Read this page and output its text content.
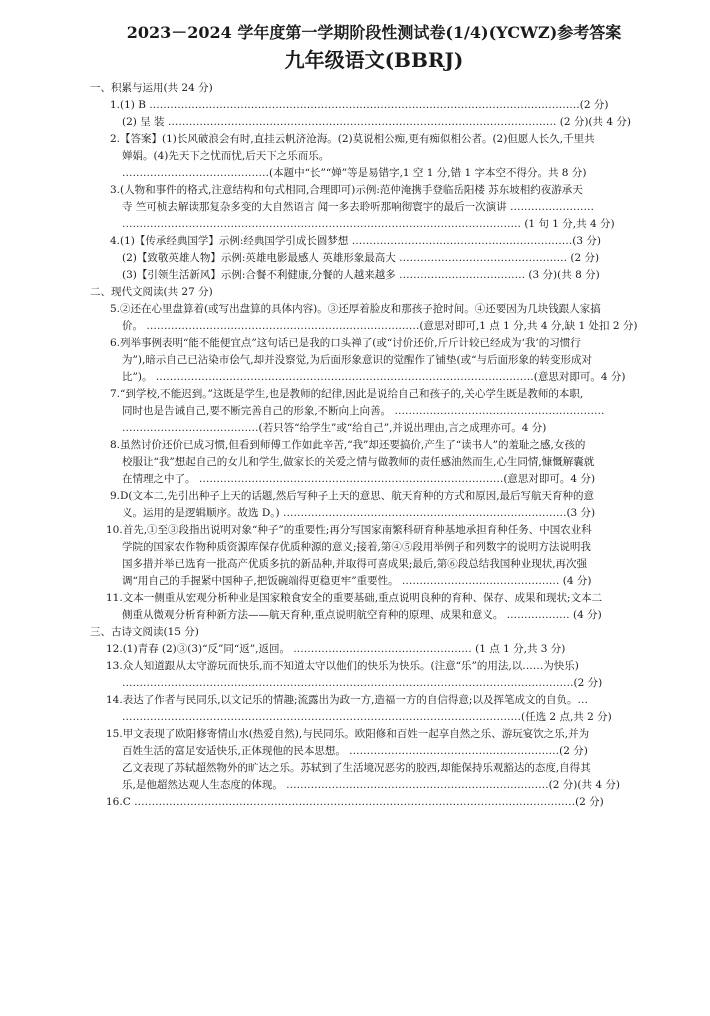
2023－2024 学年度第一学期阶段性测试卷(1/4)(YCWZ)参考答案
九年级语文(BBRJ)
一、积累与运用(共 24 分)
1.(1) B ……………………………………………………………………………………………………………(2 分)
(2) 呈 装 ………………………………………………………………………………………………… (2 分)(共 4 分)
2.【答案】(1)长风破浪会有时,直挂云帆济沧海。(2)莫说相公痴,更有痴似相公者。(2)但愿人长久,千里共
婵娟。(4)先天下之忧而忧,后天下之乐而乐。
……………………………………(本题中“长”“婵”等是易错字,1 空 1 分,错 1 字本空不得分。共 8 分)
3.(人物和事件的格式,注意结构和句式相同,合理即可)示例:范仲淹携手登临岳阳楼 苏东坡相约夜游承天
寺 竺可桢去解读那复杂多变的大自然语言 闻一多去聆听那响彻寰宇的最后一次演讲 ……………………
…………………………………………………………………………………………………… (1 句 1 分,共 4 分)
4.(1)【传承经典国学】示例:经典国学引成长圆梦想 ………………………………………………………(3 分)
(2)【致敬英雄人物】示例:英雄电影最感人 英雄形象最高大 ………………………………………… (2 分)
(3)【引领生活新风】示例:合餐不利健康,分餐的人越来越多 ……………………………… (3 分)(共 8 分)
二、现代文阅读(共 27 分)
5.②还在心里盘算着(或写出盘算的具体内容)。③还厚着脸皮和那孩子抢时间。④还要因为几块钱跟人家搞
价。 ……………………………………………………………………(意思对即可,1 点 1 分,共 4 分,缺 1 处扣 2 分)
6.列举事例表明“能不能便宜点”这句话已是我的口头禅了(或“讨价还价,斤斤计较已经成为‘我’的习惯行
为”),暗示自己已沾染市侩气,却并没察觉,为后面形象意识的觉醒作了铺垫(或“与后面形象的转变形成对
比”)。 ………………………………………………………………………………………………(意思对即可。4 分)
7.“到学校,不能迟到。”这既是学生,也是教师的纪律,因此是说给自己和孩子的,关心学生既是教师的本职,
同时也是告诫自己,要不断完善自己的形象,不断向上向善。 ……………………………………………………
…………………………………(若只答“给学生”或“给自己”,并说出理由,言之成理亦可。4 分)
8.虽然讨价还价已成习惯,但看到师傅工作如此辛苦,“我”却还要搞价,产生了“读书人”的羞耻之感,女孩的
校服让“我”想起自己的女儿和学生,做家长的关爱之情与做教师的责任感油然而生,心生同情,慷慨解囊就
在情理之中了。 ……………………………………………………………………………(意思对即可。4 分)
9.D(文本二,先引出种子上天的话题,然后写种子上天的意思、航天育种的方式和原因,最后写航天育种的意
义。运用的是逻辑顺序。故选 D。) ………………………………………………………………………(3 分)
10.首先,①至③段指出说明对象“种子”的重要性;再分写国家南繁科研育种基地承担育种任务、中国农业科
学院的国家农作物种质资源库保存优质种源的意义;接着,第④⑤段用举例子和列数字的说明方法说明我
国多措并举已选育一批高产优质多抗的新品种,并取得可喜成果;最后,第⑥段总结我国种业现状,再次强
调“用自己的手握紧中国种子,把饭碗端得更稳更牢”重要性。 ……………………………………… (4 分)
11.文本一侧重从宏观分析种业是国家粮食安全的重要基础,重点说明良种的育种、保存、成果和现状;文本二
侧重从微观分析育种新方法——航天育种,重点说明航空育种的原理、成果和意义。 ……………… (4 分)
三、古诗文阅读(15 分)
12.(1)青春 (2)③(3)“反”同“返”,返回。 …………………………………………… (1 点 1 分,共 3 分)
13.众人知道跟从太守游玩而快乐,而不知道太守以他们的快乐为快乐。(注意“乐”的用法,以……为快乐)
…………………………………………………………………………………………………………………(2 分)
14.表达了作者与民同乐,以文记乐的情趣;流露出为政一方,造福一方的自信得意;以及挥笔成文的自负。…
……………………………………………………………………………………………………(任选 2 点,共 2 分)
15.甲文表现了欧阳修寄情山水(热爱自然),与民同乐。欧阳修和百姓一起享自然之乐、游玩宴饮之乐,并为
百姓生活的富足安适快乐,正体现他的民本思想。 ……………………………………………………(2 分)
乙文表现了苏轼超然物外的旷达之乐。苏轼到了生活境况恶劣的胶西,却能保持乐观豁达的态度,自得其
乐,是他超然达观人生态度的体现。 …………………………………………………………………(2 分)(共 4 分)
16.C ………………………………………………………………………………………………………………(2 分)
